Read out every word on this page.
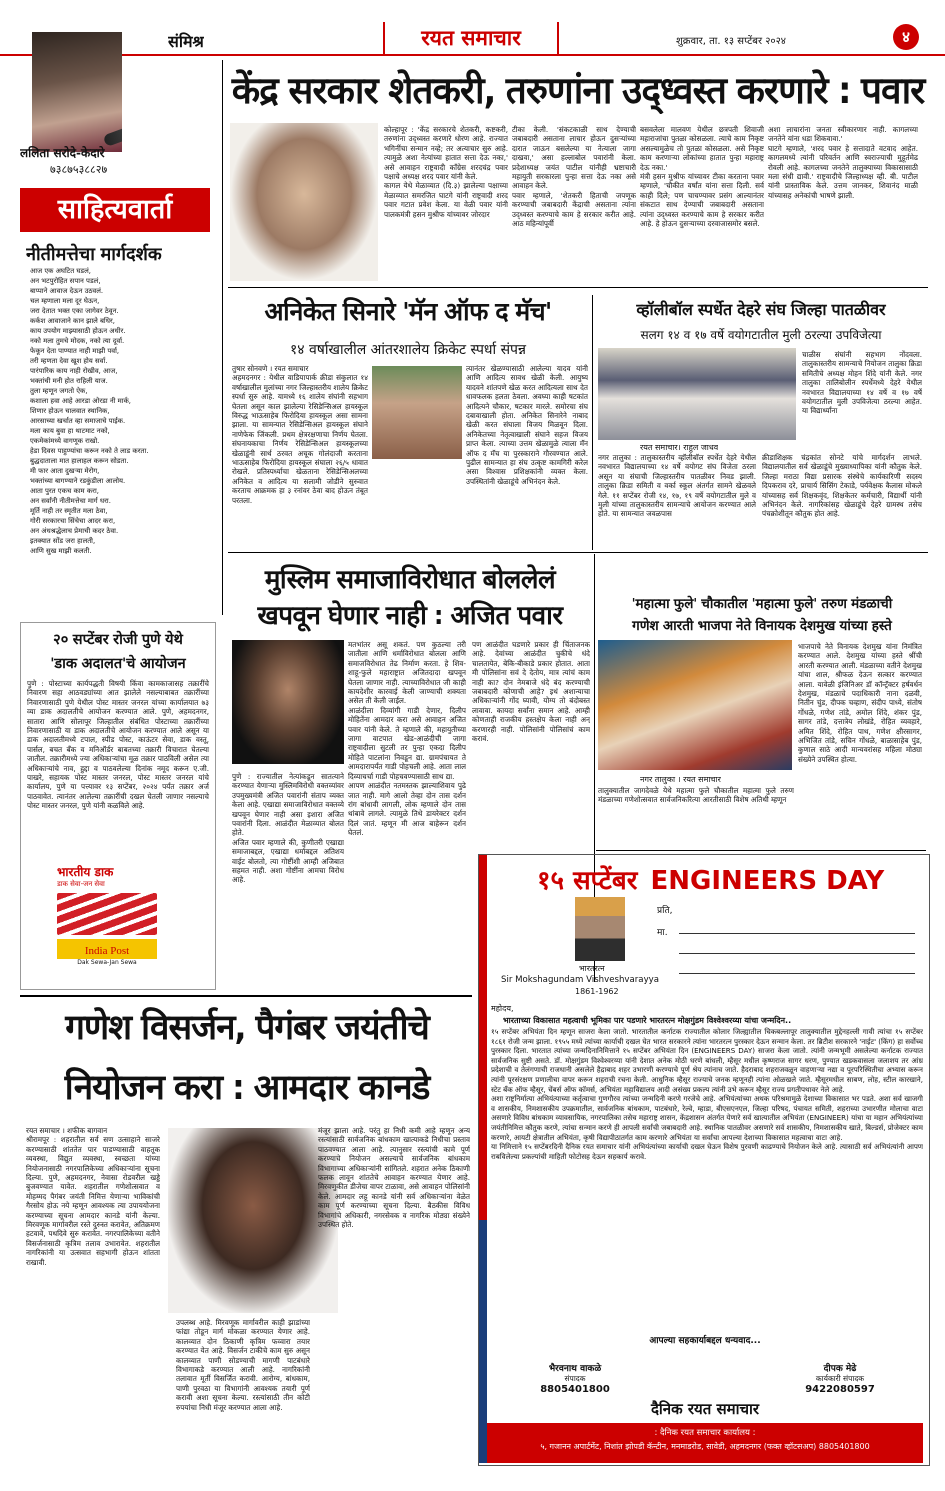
संमिश्र	रयत समाचार	शुक्रवार, ता. १३ सप्टेंबर २०२४	४
ललिता सरोदे-केदारे
७३८७५३८८२७
साहित्यवार्ता
नीतीमत्तेचा मार्गदर्शक
आज एक अघटित घडलं,
अन भटपुरोहित सपान पडलं,
बाप्पाने आवाज देऊन उठवलं.
चल म्हणाला मला दूर घेऊन,
जरा देतात भक्त एका जागेवर ठेवून.
कर्कश आवाजाने कान झाले बधिर,
काय उपयोग माझ्यासाठी होऊन अधीर.
नको मला तुमचे मोदक, नको त्या दूर्वा.
फेकून देता पाण्यात नाही माझी पर्वा,
तरी म्हणता देवा खूश होय सर्वा.
पारंपारिक काय नाही रोखीव, आज,
भक्तांची मनी होत राहिली याज.
तुला म्हणून जगतो ऐक,
कशाला हवा आहे आरडा ओरडा नी मार्क,
शिणार होऊन चालवात स्थानिक,
आरसाच्या खर्चात व्हा समाजाचे पाईक.
मला काय बुवा हा थाटमाट नको,
एकमेकांमध्ये वागणूक राखो.
हेडा दिवस पाहुण्यांचा करून नको ते लाड करता.
बुद्धदाताला मात हालाहल करून सोडता.
मी फार आता दुखऱ्या मेरोग,
भक्तांच्या बागण्याने रडकुंडीला आलोय.
आता पुरत एकच काम करा,
अन सर्वांनी नीतीमत्तेचा मार्ग धरा.
मूर्ति नाही तर स्मृतीत मला ठेवा,
गोरी सरकारचा सिंचेचा आदर करा,
अन अंधश्रद्धेलाच प्रेमाची कदर ठेवा.
इतक्यात सोंड जरा हालती,
आणि सुख माझी कलती.
केंद्र सरकार शेतकरी, तरुणांना उद्ध्वस्त करणारे : पवार
कोल्हापूर : 'केंद्र सरकारचे शेतकरी, कष्टकरी, तरुणांना उद्ध्वस्त करणारे धोरण आहे. राज्यात भगिनींचा सन्मान नव्हे; तर अत्याचार सुरु आहे. त्यामुळे अशा नेत्यांच्या हातात सत्ता देऊ नका,' असे आवाहन राष्ट्रवादी काँग्रेस शरदचंद्र पवार पक्षाचे अध्यक्ष शरद पवार यांनी केले.
कागल येथे मेळाव्यात (दि.३) झालेल्या पक्षाच्या मेळाव्यात समरजित घाटगे यांनी राष्ट्रवादी शरद पवार गटात प्रवेश केला. या वेळी पवार यांनी पालकमंत्री हसन मुश्रीफ यांच्यावर जोरदार
टीका केली. 'संकटकाळी साथ देण्याची जबाबदारी असताना लाचार होऊन दुसऱ्यांच्या दारात जाऊन बसलेल्या या नेत्याला जागा दाखवा,' असा हल्लाबोल पवारांनी केला. प्रदेशाध्यक्ष जयंत पाटील यांनीही भ्रष्टाचारी महायुती सरकारला पुन्हा सत्ता देऊ नका असे आवाहन केले.
पवार म्हणाले, 'शेतकरी हिताची जपणूक करण्याची जबाबदारी केंद्राची असताना त्यांना उद्ध्वस्त करण्याचे काम हे सरकार करीत आहे. आठ महिन्यांपूर्वी
बसवलेला मालवण येथील छत्रपती शिवाजी महाराजांचा पुतळा कोसळला. त्याचे काम निकृष्ट असल्यामुळेच तो पुतळा कोसळला. असे निकृष्ट काम करणाऱ्या लोकांच्या हातात पुन्हा महाराष्ट्र देऊ नका.'
मंत्री हसन मुश्रीफ यांच्यावर टीका करताना पवार म्हणाले, 'चौकीत वर्षांत यांना सत्ता दिली. सर्व काही दिले; पण चाचण्यावर प्रसंग आल्यानंतर संकटात साथ देण्याची जबाबदारी असताना त्यांना उद्ध्वस्त करण्याचे काम हे सरकार करीत आहे. हे होऊन दुसऱ्याच्या दरवाजासमोर बसले.
अशा लाचारांना जनता स्वीकारणार नाही. कागलच्या जनतेने यांना धडा शिकवावा.'
घाटगे म्हणाले, 'शरद पवार हे सत्तादाते वटवाद आहेत. कागलमध्ये त्यांनी परिवर्तन आणि स्वराज्याची मुहूर्तमेढ रोवली आहे. कागलच्या जनतेने तालुक्याच्या विकासासाठी मला संधी द्यावी.' राष्ट्रवादीचे जिल्हाध्यक्ष व्ही. बी. पाटील यांनी प्रास्ताविक केले. उत्तम जानकर, शिवानंद माळी यांच्यासह अनेकांची भाषणे झाली.
अनिकेत सिनारे 'मॅन ऑफ द मॅच'
१४ वर्षाखालील आंतरशालेय क्रिकेट स्पर्धा संपन्न
तुषार सोनवणे । रयत समाचार
अहमदनगर : येथील वाडियापार्क क्रीडा संकुलात १४ वर्षाखालील मुलांच्या नगर जिल्हास्तरीय शालेय क्रिकेट स्पर्धा सुरु आहे. यामध्ये १६ शालेय संघांनी सहभाग घेतला असून काल झालेल्या रेसिडेन्सिअल हायस्कूल विरुद्ध भाऊसाहेब फिरोदिया हायस्कूल असा सामना झाला. या सामन्यात रेसिडेन्सिअल हायस्कूल संघाने नाणेफेक जिंकली. प्रथम क्षेत्ररक्षणाचा निर्णय घेतला. संघनायकाचा निर्णय रेसिडेन्सिअल हायस्कूलच्या खेळाडूंनी सार्थ ठरवत अचूक गोलंदाजी करताना भाऊसाहेब फिरोदिया हायस्कूल संघाला २६/५ धावात रोखले. प्रतिस्पर्ध्याचा खेळताना रेसिडेन्सिअलच्या अनिकेत व आदित्य या सलामी जोडीने सुरुवात करताच आक्रमक हा ३ रनांवर ठेवा बाद होऊन तंबूत परतला.
त्यानंतर खेळण्यासाठी आलेल्या यादव यांनी आणि आदित्य सावध खेळी केली. आयुष्य यादवने शांतपणे खेळ करत आदित्यला साथ देत धावफलक हलता ठेवला. अवघ्या काही षटकांत आदित्यने चौकार, षटकार मारले. समोरचा संघ दबावाखाली होता. अनिकेत सिनारेने नाबाद खेळी करत संघाला विजय मिळवून दिला. अनिकेतच्या नेतृत्वाखाली संघाने सहज विजय प्राप्त केला. त्याच्या उत्तम खेळामुळे त्याला मॅन ऑफ द मॅच या पुरस्काराने गौरवण्यात आले. पुढील सामन्यात हा संघ उत्कृष्ट कामगिरी करेल असा विश्वास प्रशिक्षकांनी व्यक्त केला. उपस्थितांनी खेळाडूंचे अभिनंदन केले.
व्हॉलीबॉल स्पर्धेत देहरे संघ जिल्हा पातळीवर
सलग १४ व १७ वर्षे वयोगटातील मुली ठरल्या उपविजेत्या
रयत समाचार। राहुल जाधव
चाळीस संघांनी सहभाग नोंदवला. तालुकास्तरीय सामन्याचे नियोजन तालुका क्रिडा समितीचे अध्यक्ष मोहन शिंदे यांनी केले. नगर तालुका तालिबोलीन स्पर्धेमध्ये देहरे येथील नवभारत विद्यालयाच्या १४ वर्षे व १७ वर्षे वयोगटातील मुली उपविजेत्या ठरल्या आहेत. या विद्यार्थ्यांना
नगर तालुका : तालुकास्तरीय व्हॉलीबॉल स्पर्धेत देहरे येथील नवभारत विद्यालयाच्या १४ वर्षे वयोगट संघ विजेता ठरला असून या संघाची जिल्हास्तरीय पातळीवर निवड झाली. तालुका क्रिडा समिती व वर्का स्कूल अंतर्गत सामने खेळवले गेले. ११ सप्टेंबर रोजी १४, १७, १९ वर्षे वयोगटातील मुले व मुली यांच्या तालुकास्तरीय सामन्याचे आयोजन करण्यात आले होते. या सामन्यात जवळपास
क्रीडाशिक्षक चंद्रकांत सोनटे यांचे मार्गदर्शन लाभले. विद्यालयातील सर्व खेळाडूंचे मुख्याध्यापिका यांनी कौतुक केले. जिल्हा मराठा विद्या प्रसारक संस्थेचे कार्यकारिणी सदस्य दिपकराव दरे, प्राचार्य सिसिंग टेकाडे, पर्यवेक्षक कैलास मोकले यांच्यासह सर्व शिक्षकवृंद, शिक्षकेतर कर्मचारी, विद्यार्थी यांनी अभिनंदन केले. नागरिकांसह खेळाडूंचे देहरे ग्रामस्थ तसेच पंचक्रोशीतून कौतुक होत आहे.
मुस्लिम समाजाविरोधात बोललेलं
खपवून घेणार नाही : अजित पवार
पुणे : राज्यातील नेत्यांकडून सातत्याने करण्यात येणाऱ्या मुस्लिमविरोधी वक्तव्यांवर उपमुख्यमंत्री अजित पवारांनी संताप व्यक्त केला आहे. एखाद्या समाजाविरोधात वक्तव्ये खपवून घेणार नाही असा इशारा अजित पवारांनी दिला. आळंदीत मेळाव्यात बोलत होते.
अजित पवार म्हणाले की, कुणीतरी एखाद्या समाजाबद्दल, एखाद्या धर्माबद्दल अतिशय वाईट बोलतो, त्या गोष्टींशी आम्ही अजिबात सहमत नाही. अशा गोष्टींना आमचा विरोध आहे.
मतभांतर असू शकतं. पण कुठल्या तरी जातीला आणि धर्माविरोधात बोलला आणि समाजविरोधात तेढ निर्माण करता. हे शिव-शाहू-फुले महाराष्ट्रात अजितदादा खपवून घेतला जाणार नाही. त्याच्याविरोधात जी काही कायदेशीर कारवाई केली जाण्याची शक्यता असेल ती केली जाईल.
आळंदीला दिव्यांगी गाडी देणार, दिलीप मोहितेंना आमदार करा असे आवाहन अजित पवार यांनी केले. ते म्हणाले की, महायुतीच्या जागा वाटपात खेड-आळंदीची जागा राष्ट्रवादीला सुटली तर पुन्हा एकदा दिलीप मोहिते पाटलांना निवडून द्या. ग्रामपंचायत ते आमदारापर्यंत गाडी पोहचली आहे. आता लाल दिव्याचर्चा गाडी पोहचवण्यासाठी साथ द्या.
आपण आळंदीत नतमस्तक झाल्याशिवाय पुढे जात नाही. मागे आलो तेव्हा दोन तास दर्शन रांग बांधावी लागली, लोक म्हणाले दोन तास थांबावे लागले. त्यामुळे तिथे डायरेक्टर दर्शन दिलं जातं. म्हणून मी आज बाहेरून दर्शन घेतलं.
पण आळंदीत घडणारे प्रकार ही चिंताजनक आहे. देवांच्या आळंदीत चुकीचे धंदे चालतायेत, बेकि-बीकाडे प्रकार होतात. आता मी पोलिसांना सवं दे देतोय, मात्र त्यांचं काम नाही का? दोन नेमबाजे धंदे बंद करण्याची जबाबदारी कोणाची आहे? इथं अशान्याचा अधिकाऱ्यांनी गोंद घ्यावी, योग्य तो बंदोबस्त लावावा. कायदा सर्वांना समान आहे. आम्ही कोणताही राजकीय हस्तक्षेप केला नाही अन् करणारही नाही. पोलिसांनी पोलिसांचं काम करावं.
'महात्मा फुले' चौकातील 'महात्मा फुले' तरुण मंडळाची
गणेश आरती भाजपा नेते विनायक देशमुख यांच्या हस्ते
नगर तालुका । रयत समाचार
तालुक्यातील जागदेवळे येथे महात्मा फुले चौकातील महात्मा फुले तरुण मंडळाच्या गणेशोत्सवात सार्वजनिकरित्या आरतीसाठी विशेष अतिथी म्हणून
भाजपाचे नेते विनायक देशमुख यांना निमंत्रित करण्यात आले. देशमुख यांच्या हस्ते श्रींची आरती करण्यात आली. मंडळाच्या वतीने देशमुख यांचा शाल, श्रीफळ देऊन सत्कार करण्यात आला. यावेळी इंजिनिअर डॉ कॉन्ट्रॅक्टर हर्षवर्धन देशमुख, मंडळाचे पदाधिकारी नाना दळवी, नितीन चुंड, दीपक चव्हाण, संदीप पाध्ये, संतोष गोंधळे, गणेश तांडे, अमोल शिंदे, शंकर पुंड, सागर तांडे, दत्तात्रेय लोखंडे, रोहित व्यवहारे, अमित शिंदे, रोहित पाथ, गणेश क्षीरसागर, अभिजित तांडे, सचिन गोंधळे, बाळासाहेब पुंड, कुणाल साठे आदी मान्यवरांसह महिला मोठ्या संख्येने उपस्थित होत्या.
२० सप्टेंबर रोजी पुणे येथे
'डाक अदालत'चे आयोजन
पुणे : पोस्टाच्या कार्यपद्धती विषयी किंवा कामकाजासह तक्रारींचे निवारण सहा आठवड्यांच्या आत झालेले नसल्याबाबत तक्रारींच्या निवारणासाठी पुणे येथील पोस्ट मास्तर जनरल यांच्या कार्यालयात ७३ व्या डाक अदालतीचे आयोजन करण्यात आले. पुणे, अहमदनगर, सातारा आणि सोलापूर जिल्हातील संबंधित पोस्टाच्या तक्रारींच्या निवारणासाठी या डाक अदालतीचे आयोजन करण्यात आले असून या डाक अदालतीमध्ये टपाल, स्पीड पोस्ट, काऊंटर सेवा, डाक वस्तू, पार्सल, बचत बँक व मनिऑर्डर बाबतच्या तक्रारी विचारात घेतल्या जातील. तक्रारीमध्ये ज्या अधिकाऱ्यांचा मूळ तक्रार पाठविली असेल त्या अधिकाऱ्यांचे नाव, हुद्दा व पाठवलेल्या दिनांक नमूद करून ए.जी. पाखरे, सहायक पोस्ट मास्तर जनरल, पोस्ट मास्तर जनरल यांचे कार्यालय, पुणे या पत्त्यावर १३ सप्टेंबर, २०२४ पर्यंत तक्रार अर्ज पाठवावेत. त्यानंतर आलेल्या तक्रारींची दखल घेतली जाणार नसल्याचे पोस्ट मास्तर जनरल, पुणे यांनी कळविले आहे.
भारतीय डाक
डाक सेवा-जन सेवा
India Post
Dak Sewa-Jan Sewa
१५ सप्टेंबर ENGINEERS DAY
भारतरत्न
Sir Mokshagundam Vishveshvarayya
1861-1962
प्रति,
मा.
महोदय,
भारताच्या विकासात महत्वाची भूमिका पार पडणारे भारतरत्न मोक्षगुंडम विश्वेश्वरय्या यांचा जन्मदिन..
१५ सप्टेंबर अभियंता दिन म्हणून साजरा केला जातो. भारतातील कर्नाटक राज्यातील कोलार जिल्ह्यातील चिकबल्लापूर तालुक्यातील मुद्देनहल्ली गावी त्यांचा १५ सप्टेंबर १८६१ रोजी जन्म झाला. १९५५ मध्ये त्यांच्या कार्याची दखल घेत भारत सरकारने त्यांना भारतरत्न पुरस्कार देऊन सन्मान केला. तर ब्रिटीश सरकारने 'नाईट' (किंग) हा सर्वोच्च पुरस्कार दिला. भारतात त्यांच्या जन्मदिनानिमित्ताने १५ सप्टेंबर अभियंता दिन (ENGINEERS DAY) साजरा केला जातो. त्यांनी जन्मभूमी असलेल्या कर्नाटक राज्यात सार्वजनिक सुष्टी असते. डॉ. मोक्षगुंडम विश्वेश्वरय्या यांनी देशात अनेक मोठी धरणे बांधली, म्हैसूर मधील कृष्णराज सागर धरण, पुण्यात खडकवासला जलाशय तर आंध्र प्रदेशाची व तेलंगणाची राजधानी असलेले हैद्राबाद शहर उभारणी करण्याचे पूर्ण श्रेय त्यांनाच जाते. हैदराबाद शहराजवळून वाहणाऱ्या नद्या व पूरपरिस्थितीचा अभ्यास करून त्यांनी पूरसंरक्षण प्रणालीचा वापर करून शहराची रचना केली. आधुनिक म्हैसूर राज्याचे जनक म्हणूनही त्यांना ओळखले जाते. म्हैसूरमधील साबण, लोह, स्टील कारखाने, स्टेट बँक ऑफ म्हैसूर, चेंबर्स ऑफ कॉमर्स, अभियंता महाविद्यालय आदी असंख्य प्रकल्प त्यांनी उभे करून म्हैसूर राज्य प्रगतीपथावर नेले आहे.
अशा राष्ट्रनिर्मात्या अभियंत्याच्या कर्तृत्वाचा गुणगौरव त्यांच्या जन्मदिनी करणे गरजेचे आहे. अभियंत्यांच्या अथक परिश्रमामुळे देशाच्या विकासात भर पडते. अशा सर्व खाजगी व शासकीय, निमशासकीय उपक्रमातील, सार्वजनिक बांधकाम, पाटबंधारे, रेल्वे, म्हाडा, बीएसएनएल, जिल्हा परिषद, पंचायत समिती, शहराच्या उभारणीत मोलाचा वाटा असणारे विविध बांधकाम व्यावसायिक, नगरपालिका तसेच महाराष्ट्र शासन, केंद्रशासन अंतर्गत येणारे सर्व खात्यातील अभियंता (ENGINEER) यांचा या महान अभियंत्यांच्या जयंतीनिमित्त कौतुक करणे, त्यांचा सन्मान करणे ही आपली सर्वांची जबाबदारी आहे. स्थानिक पातळीवर असणारे सर्व शासकीय, निमशासकीय खाते, बिल्डर्स, प्रोजेक्टर काम करणारे, आयटी क्षेत्रातील अभियंता, कृषी विद्यापीठातर्गत काम करणारे अभियंता या सर्वांचा आपल्या देशाच्या विकासात महत्वाचा वाटा आहे.
या निमित्ताने १५ सप्टेंबरदिनी दैनिक रयत समाचार यांनी अभियंत्यांच्या कार्याची दखल घेऊन विशेष पुरवणी काढण्याचे नियोजन केले आहे. त्यासाठी सर्व अभियंत्यांनी आपण राबविलेल्या प्रकल्पांची माहिती फोटोसह देऊन सहकार्य करावे.
आपल्या सहकार्याबद्दल धन्यवाद...
भैरवनाथ वाकळे
संपादक
8805401800
दीपक मेढे
कार्यकारी संपादक
9422080597
दैनिक रयत समाचार
: दैनिक रयत समाचार कार्यालय :
५, गजानन अपार्टमेंट, निशांत झोपडी कॅन्टीन, मनमाडरोड, सावेडी, अहमदनगर (फक्त व्हॉटसअप) 8805401800
गणेश विसर्जन, पैगंबर जयंतीचे
नियोजन करा : आमदार कानडे
रयत समाचार । शफीक बागवान
श्रीरामपूर : शहरातील सर्व सण उत्साहाने साजरे करण्यासाठी शांततेत पार पाडण्यासाठी वाहतूक व्यवस्था, विद्युत व्यवस्था, स्वच्छता यांच्या नियोजनासाठी नगरपालिकेच्या अधिकाऱ्यांना सूचना दिल्या. पुणे, अहमदनगर, नेवासा रोडवरील खड्डे बुजवण्यात यावेत. शहरातील गणेशोत्सवात व मोहम्मद पैगंबर जयंती निमित्त येणाऱ्या भाविकांची गैरसोय होऊ नये म्हणून आवश्यक त्या उपाययोजना करण्याच्या सूचना आमदार कानडे यांनी केल्या. मिरवणूक मार्गावरील रस्ते दुरुस्त करावेत, अतिक्रमण हटवावे, पथदिवे सुरु करावेत. नगरपालिकेच्या वतीने विसर्जनासाठी कृत्रिम तलाव उभारावेत. शहरातील नागरिकांनी या उत्सवात सहभागी होऊन शांतता राखावी.
उपलब्ध आहे. मिरवणूक मार्गावरील काही झाडांच्या फांद्या तोडून मार्ग मोकळा करण्यात येणार आहे. कालव्यात दोन ठिकाणी कृत्रिम फव्वारा तयार करण्यात येत आहे. विसर्जन टाकीचे काम सुरु असून कालव्यात पाणी सोडण्याची मागणी पाटबंधारे विभागाकडे करण्यात आली आहे. नागरिकांनी तलावात मूर्ती विसर्जित करावी. आरोग्य, बांधकाम, पाणी पुरवठा या विभागांनी आवश्यक तयारी पूर्ण करावी अशा सूचना केल्या. रस्त्यांसाठी तीन कोटी रुपयांचा निधी मंजूर करण्यात आला आहे.
मंजूर झाला आहे. परंतु हा निधी कमी आहे म्हणून अन्य रस्त्यांसाठी सार्वजनिक बांधकाम खात्याकडे निधीचा प्रस्ताव पाठवण्यात आला आहे. त्यानुसार रस्त्यांची कामे पूर्ण करण्याचे नियोजन असल्याचे सार्वजनिक बांधकाम विभागाच्या अधिकाऱ्यांनी सांगितले. शहरात अनेक ठिकाणी फलक लावून शांततेचे आवाहन करण्यात येणार आहे. मिरवणुकीत डीजेचा वापर टाळावा, असे आवाहन पोलिसांनी केले. आमदार लहू कानडे यांनी सर्व अधिकाऱ्यांना वेळेत काम पूर्ण करण्याच्या सूचना दिल्या. बैठकीस विविध विभागांचे अधिकारी, नगरसेवक व नागरिक मोठ्या संख्येने उपस्थित होते.
